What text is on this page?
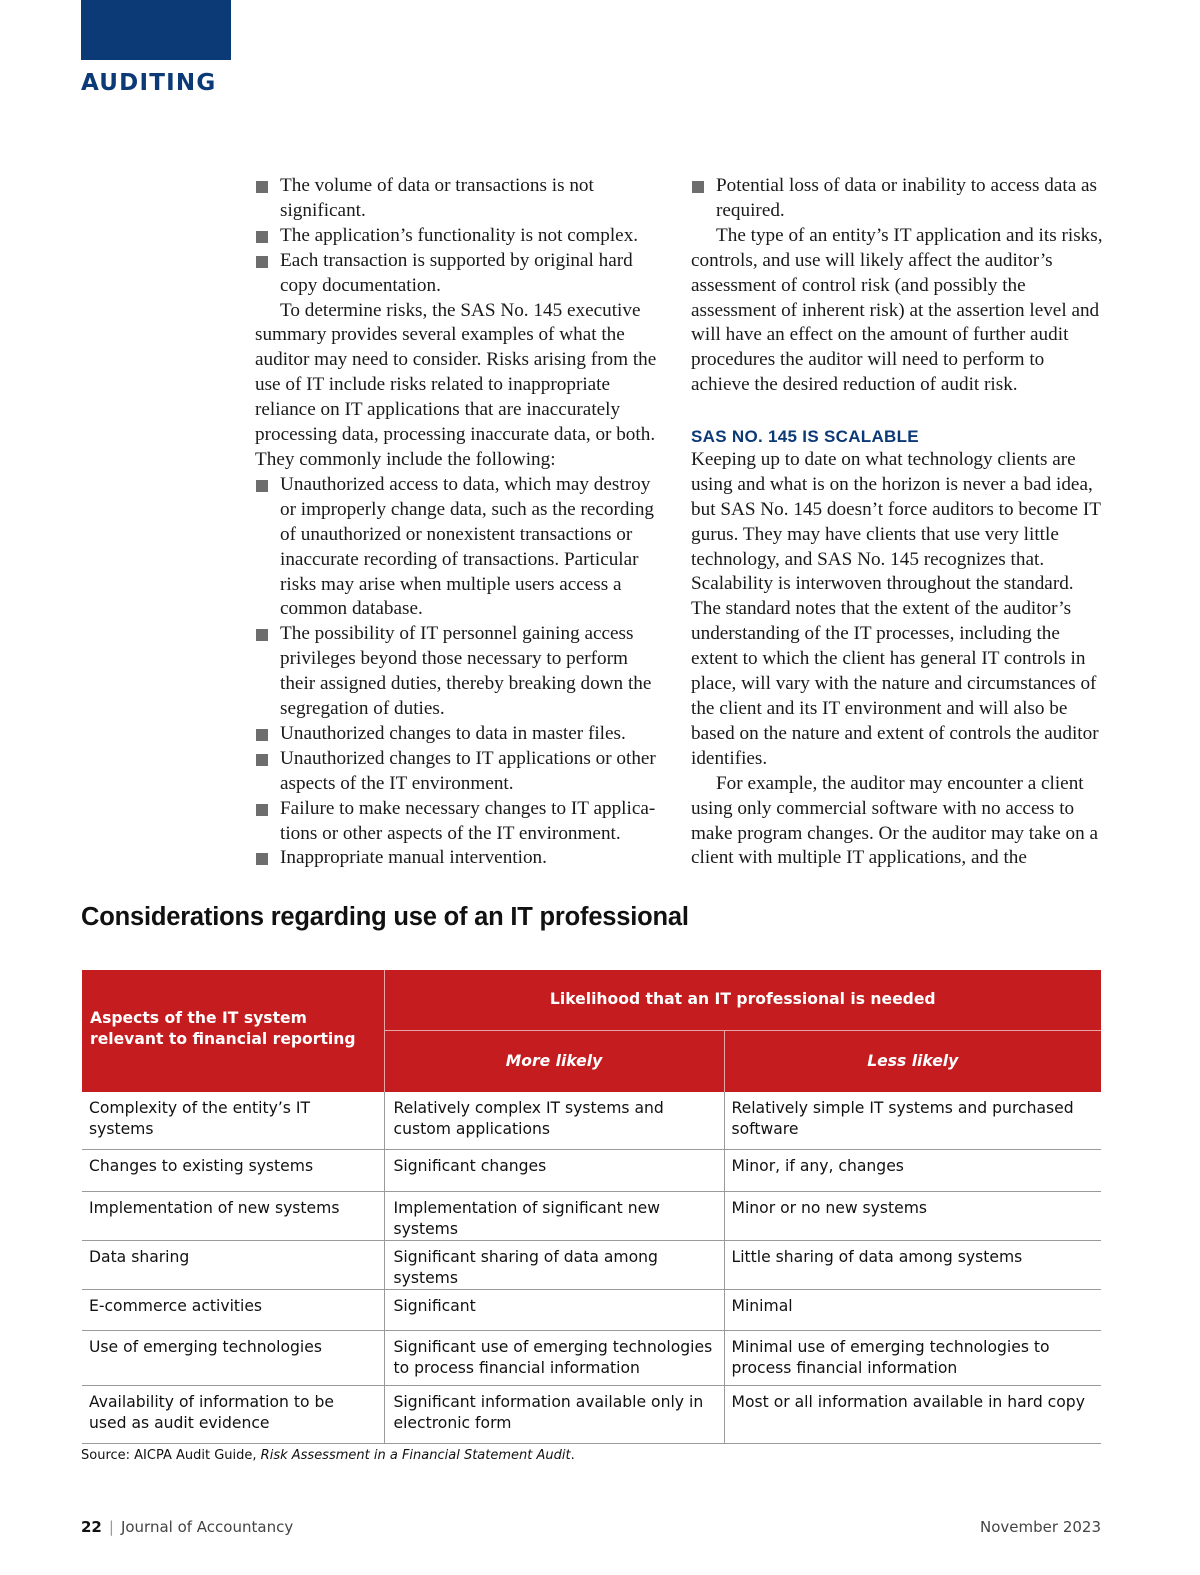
AUDITING
The volume of data or transactions is not significant.
The application’s functionality is not complex.
Each transaction is supported by original hard copy documentation.

To determine risks, the SAS No. 145 executive summary provides several examples of what the auditor may need to consider. Risks arising from the use of IT include risks related to inappropriate reliance on IT applications that are inaccurately processing data, processing inaccurate data, or both. They commonly include the following:

Unauthorized access to data, which may destroy or improperly change data, such as the recording of unauthorized or nonexistent transactions or inaccurate recording of transactions. Particular risks may arise when multiple users access a common database.
The possibility of IT personnel gaining access privileges beyond those necessary to perform their assigned duties, thereby breaking down the segregation of duties.
Unauthorized changes to data in master files.
Unauthorized changes to IT applications or other aspects of the IT environment.
Failure to make necessary changes to IT applications or other aspects of the IT environment.
Inappropriate manual intervention.
Potential loss of data or inability to access data as required.

The type of an entity’s IT application and its risks, controls, and use will likely affect the auditor’s assessment of control risk (and possibly the assessment of inherent risk) at the assertion level and will have an effect on the amount of further audit procedures the auditor will need to perform to achieve the desired reduction of audit risk.

SAS NO. 145 IS SCALABLE

Keeping up to date on what technology clients are using and what is on the horizon is never a bad idea, but SAS No. 145 doesn’t force auditors to become IT gurus. They may have clients that use very little technology, and SAS No. 145 recognizes that. Scalability is interwoven throughout the standard. The standard notes that the extent of the auditor’s understanding of the IT processes, including the extent to which the client has general IT controls in place, will vary with the nature and circumstances of the client and its IT environment and will also be based on the nature and extent of controls the auditor identifies.

For example, the auditor may encounter a client using only commercial software with no access to make program changes. Or the auditor may take on a client with multiple IT applications, and the

Considerations regarding use of an IT professional
Aspects of the IT system relevant to financial reporting	Likelihood that an IT professional is needed	
	More likely	Less likely
Complexity of the entity’s IT systems	Relatively complex IT systems and custom applications	Relatively simple IT systems and purchased software
Changes to existing systems	Significant changes	Minor, if any, changes
Implementation of new systems	Implementation of significant new systems	Minor or no new systems
Data sharing	Significant sharing of data among systems	Little sharing of data among systems
E-commerce activities	Significant	Minimal
Use of emerging technologies	Significant use of emerging technologies to process financial information	Minimal use of emerging technologies to process financial information
Availability of information to be used as audit evidence	Significant information available only in electronic form	Most or all information available in hard copy
Source: AICPA Audit Guide, Risk Assessment in a Financial Statement Audit.
22 | Journal of Accountancy	November 2023
